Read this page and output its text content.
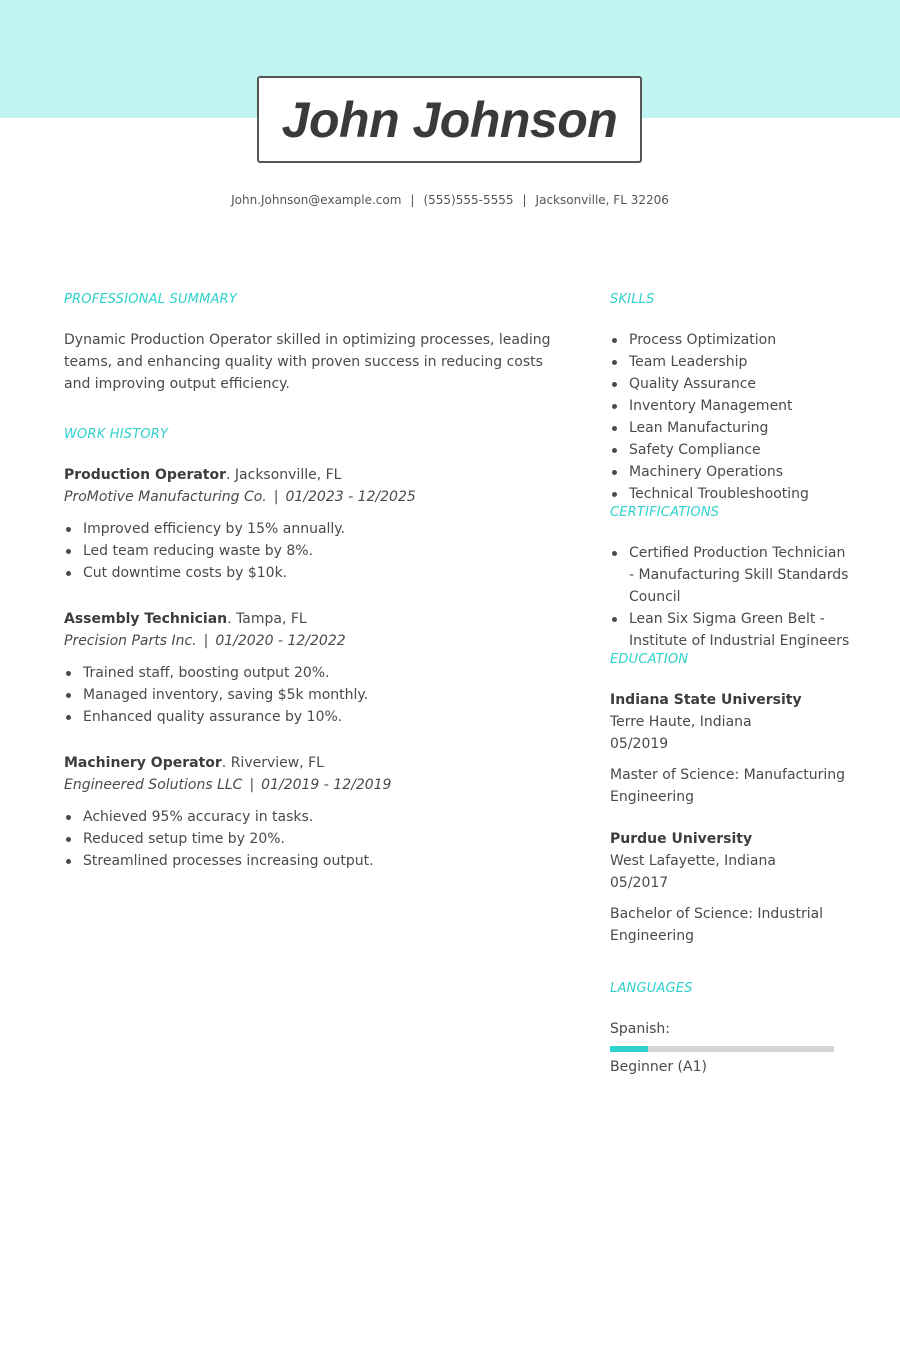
John Johnson
John.Johnson@example.com | (555)555-5555 | Jacksonville, FL 32206
PROFESSIONAL SUMMARY
Dynamic Production Operator skilled in optimizing processes, leading teams, and enhancing quality with proven success in reducing costs and improving output efficiency.
WORK HISTORY
Production Operator. Jacksonville, FL
ProMotive Manufacturing Co. | 01/2023 - 12/2025
Improved efficiency by 15% annually.
Led team reducing waste by 8%.
Cut downtime costs by $10k.
Assembly Technician. Tampa, FL
Precision Parts Inc. | 01/2020 - 12/2022
Trained staff, boosting output 20%.
Managed inventory, saving $5k monthly.
Enhanced quality assurance by 10%.
Machinery Operator. Riverview, FL
Engineered Solutions LLC | 01/2019 - 12/2019
Achieved 95% accuracy in tasks.
Reduced setup time by 20%.
Streamlined processes increasing output.
SKILLS
Process Optimization
Team Leadership
Quality Assurance
Inventory Management
Lean Manufacturing
Safety Compliance
Machinery Operations
Technical Troubleshooting
CERTIFICATIONS
Certified Production Technician - Manufacturing Skill Standards Council
Lean Six Sigma Green Belt - Institute of Industrial Engineers
EDUCATION
Indiana State University
Terre Haute, Indiana
05/2019
Master of Science: Manufacturing Engineering
Purdue University
West Lafayette, Indiana
05/2017
Bachelor of Science: Industrial Engineering
LANGUAGES
Spanish:
Beginner (A1)
